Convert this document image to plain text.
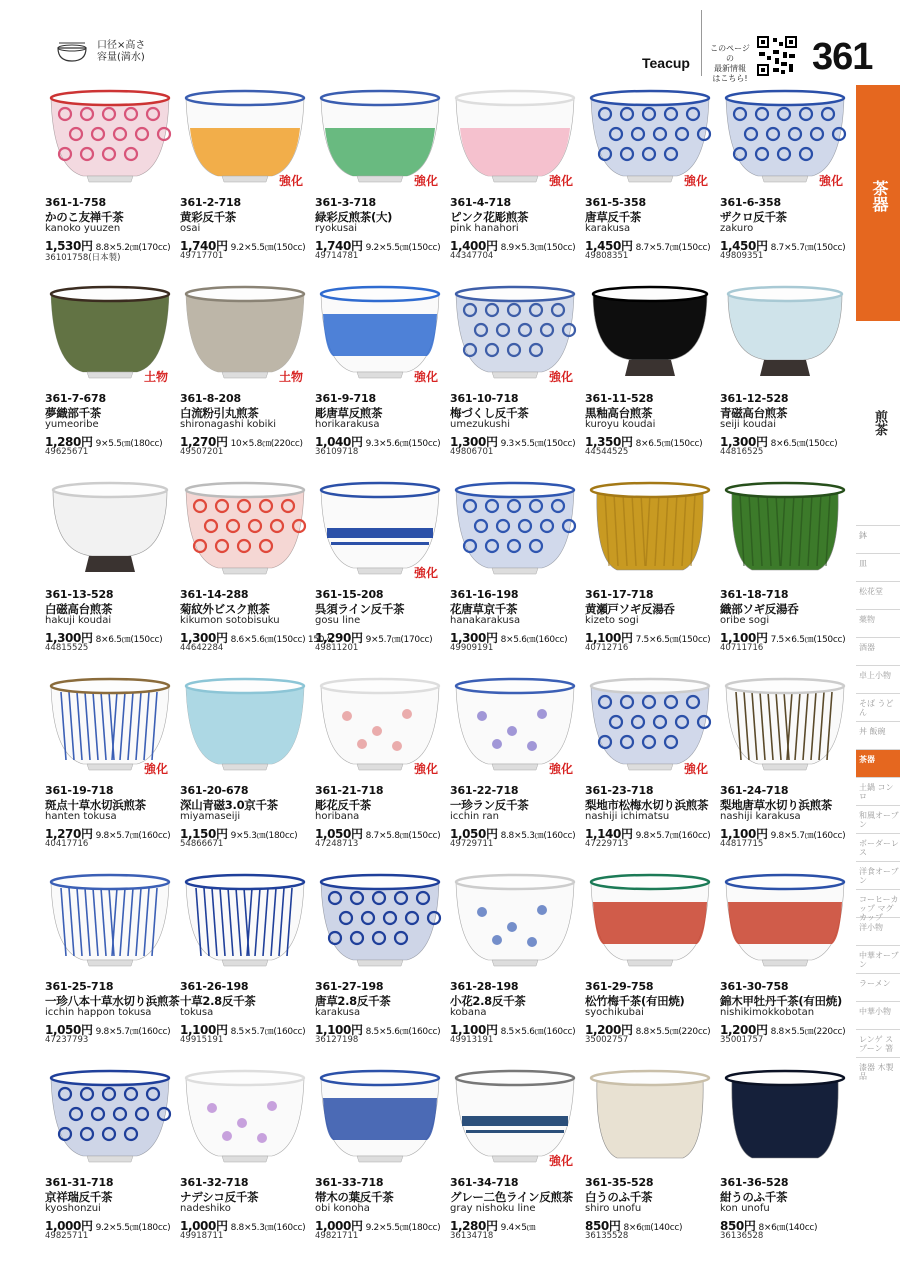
口径×高さ
容量(満水)	Teacup
このページの
最新情報
はこちら!
361
361-1-758
かのこ友禅千茶
kanoko yuuzen
1,530円 8.8×5.2㎝(170cc)
36101758(日本製)
強化
361-2-718
黄彩反千茶
osai
1,740円 9.2×5.5㎝(150cc)
49717701
強化
361-3-718
緑彩反煎茶(大)
ryokusai
1,740円 9.2×5.5㎝(150cc)
49714781
強化
361-4-718
ピンク花彫煎茶
pink hanahori
1,400円 8.9×5.3㎝(150cc)
44347704
強化
361-5-358
唐草反千茶
karakusa
1,450円 8.7×5.7㎝(150cc)
49808351
強化
361-6-358
ザクロ反千茶
zakuro
1,450円 8.7×5.7㎝(150cc)
49809351
土物
361-7-678
夢織部千茶
yumeoribe
1,280円 9×5.5㎝(180cc)
49625671
土物
361-8-208
白流粉引丸煎茶
shironagashi kobiki
1,270円 10×5.8㎝(220cc)
49507201
強化
361-9-718
彫唐草反煎茶
horikarakusa
1,040円 9.3×5.6㎝(150cc)
36109718
強化
361-10-718
梅づくし反千茶
umezukushi
1,300円 9.3×5.5㎝(150cc)
49806701
361-11-528
黒釉高台煎茶
kuroyu koudai
1,350円 8×6.5㎝(150cc)
44544525
361-12-528
青磁高台煎茶
seiji koudai
1,300円 8×6.5㎝(150cc)
44816525
361-13-528
白磁高台煎茶
hakuji koudai
1,300円 8×6.5㎝(150cc)
44815525
361-14-288
菊紋外ビスク煎茶
kikumon sotobisuku
1,300円 8.6×5.6㎝(150cc) 150入
44642284
強化
361-15-208
呉須ライン反千茶
gosu line
1,290円 9×5.7㎝(170cc)
49811201
361-16-198
花唐草京千茶
hanakarakusa
1,300円 8×5.6㎝(160cc)
49909191
361-17-718
黄瀬戸ソギ反湯呑
kizeto sogi
1,100円 7.5×6.5㎝(150cc)
40712716
361-18-718
織部ソギ反湯呑
oribe sogi
1,100円 7.5×6.5㎝(150cc)
40711716
強化
361-19-718
斑点十草水切浜煎茶
hanten tokusa
1,270円 9.8×5.7㎝(160cc)
40417716
361-20-678
深山青磁3.0京千茶
miyamaseiji
1,150円 9×5.3㎝(180cc)
54866671
強化
361-21-718
彫花反千茶
horibana
1,050円 8.7×5.8㎝(150cc)
47248713
強化
361-22-718
一珍ラン反千茶
icchin ran
1,050円 8.8×5.3㎝(160cc)
49729711
強化
361-23-718
梨地市松梅水切り浜煎茶
nashiji ichimatsu
1,140円 9.8×5.7㎝(160cc)
47229713
361-24-718
梨地唐草水切り浜煎茶
nashiji karakusa
1,100円 9.8×5.7㎝(160cc)
44817715
361-25-718
一珍八本十草水切り浜煎茶
icchin happon tokusa
1,050円 9.8×5.7㎝(160cc)
47237793
361-26-198
十草2.8反千茶
tokusa
1,100円 8.5×5.7㎝(160cc)
49915191
361-27-198
唐草2.8反千茶
karakusa
1,100円 8.5×5.6㎝(160cc)
36127198
361-28-198
小花2.8反千茶
kobana
1,100円 8.5×5.6㎝(160cc)
49913191
361-29-758
松竹梅千茶(有田焼)
syochikubai
1,200円 8.8×5.5㎝(220cc)
35002757
361-30-758
錦木甲牡丹千茶(有田焼)
nishikimokkobotan
1,200円 8.8×5.5㎝(220cc)
35001757
361-31-718
京祥瑞反千茶
kyoshonzui
1,000円 9.2×5.5㎝(180cc)
49825711
361-32-718
ナデシコ反千茶
nadeshiko
1,000円 8.8×5.3㎝(160cc)
49918711
361-33-718
帯木の葉反千茶
obi konoha
1,000円 9.2×5.5㎝(180cc)
49821711
強化
361-34-718
グレー二色ライン反煎茶
gray nishoku line
1,280円 9.4×5㎝
36134718
361-35-528
白うのふ千茶
shiro unofu
850円 8×6㎝(140cc)
36135528
361-36-528
紺うのふ千茶
kon unofu
850円 8×6㎝(140cc)
36136528
茶器
煎茶
鉢
皿
松花堂
薬物
酒器
卓上小物
そば うどん
丼 飯碗
茶器
土鍋 コンロ
和風オーブン
ボーダーレス
洋食オーブン
コーヒーカップ マグカップ
洋小物
中華オーブン
ラーメン
中華小物
レンゲ スプーン 箸
漆器 木製品
